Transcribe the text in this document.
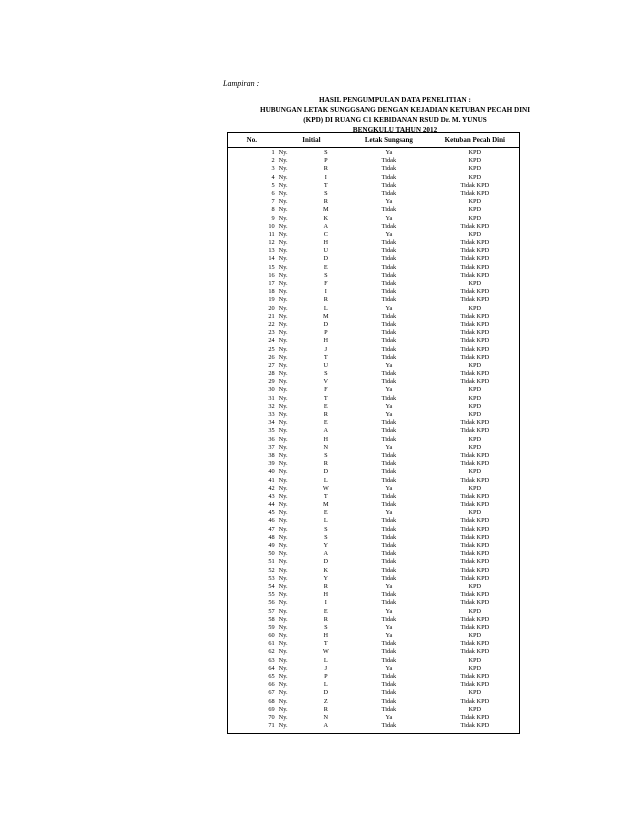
Lampiran :
HASIL PENGUMPULAN DATA PENELITIAN :
HUBUNGAN LETAK SUNGGSANG DENGAN KEJADIAN KETUBAN PECAH DINI
(KPD) DI RUANG C1 KEBIDANAN RSUD Dr. M. YUNUS
BENGKULU TAHUN 2012
No.	Initial	Letak Sungsang	Ketuban Pecah Dini
1 Ny.	S	Ya	KPD
2 Ny.	P	Tidak	KPD
3 Ny.	R	Tidak	KPD
4 Ny.	I	Tidak	KPD
5 Ny.	T	Tidak	Tidak KPD
6 Ny.	S	Tidak	Tidak KPD
7 Ny.	R	Ya	KPD
8 Ny.	M	Tidak	KPD
9 Ny.	K	Ya	KPD
10 Ny.	A	Tidak	Tidak KPD
11 Ny.	C	Ya	KPD
12 Ny.	H	Tidak	Tidak KPD
13 Ny.	U	Tidak	Tidak KPD
14 Ny.	D	Tidak	Tidak KPD
15 Ny.	E	Tidak	Tidak KPD
16 Ny.	S	Tidak	Tidak KPD
17 Ny.	F	Tidak	KPD
18 Ny.	I	Tidak	Tidak KPD
19 Ny.	R	Tidak	Tidak KPD
20 Ny.	L	Ya	KPD
21 Ny.	M	Tidak	Tidak KPD
22 Ny.	D	Tidak	Tidak KPD
23 Ny.	P	Tidak	Tidak KPD
24 Ny.	H	Tidak	Tidak KPD
25 Ny.	J	Tidak	Tidak KPD
26 Ny.	T	Tidak	Tidak KPD
27 Ny.	U	Ya	KPD
28 Ny.	S	Tidak	Tidak KPD
29 Ny.	V	Tidak	Tidak KPD
30 Ny.	F	Ya	KPD
31 Ny.	T	Tidak	KPD
32 Ny.	E	Ya	KPD
33 Ny.	R	Ya	KPD
34 Ny.	E	Tidak	Tidak KPD
35 Ny.	A	Tidak	Tidak KPD
36 Ny.	H	Tidak	KPD
37 Ny.	N	Ya	KPD
38 Ny.	S	Tidak	Tidak KPD
39 Ny.	R	Tidak	Tidak KPD
40 Ny.	D	Tidak	KPD
41 Ny.	L	Tidak	Tidak KPD
42 Ny.	W	Ya	KPD
43 Ny.	T	Tidak	Tidak KPD
44 Ny.	M	Tidak	Tidak KPD
45 Ny.	E	Ya	KPD
46 Ny.	L	Tidak	Tidak KPD
47 Ny.	S	Tidak	Tidak KPD
48 Ny.	S	Tidak	Tidak KPD
49 Ny.	Y	Tidak	Tidak KPD
50 Ny.	A	Tidak	Tidak KPD
51 Ny.	D	Tidak	Tidak KPD
52 Ny.	K	Tidak	Tidak KPD
53 Ny.	Y	Tidak	Tidak KPD
54 Ny.	R	Ya	KPD
55 Ny.	H	Tidak	Tidak KPD
56 Ny.	I	Tidak	Tidak KPD
57 Ny.	E	Ya	KPD
58 Ny.	R	Tidak	Tidak KPD
59 Ny.	S	Ya	Tidak KPD
60 Ny.	H	Ya	KPD
61 Ny.	T	Tidak	Tidak KPD
62 Ny.	W	Tidak	Tidak KPD
63 Ny.	L	Tidak	KPD
64 Ny.	J	Ya	KPD
65 Ny.	P	Tidak	Tidak KPD
66 Ny.	L	Tidak	Tidak KPD
67 Ny.	D	Tidak	KPD
68 Ny.	Z	Tidak	Tidak KPD
69 Ny.	R	Tidak	KPD
70 Ny.	N	Ya	Tidak KPD
71 Ny.	A	Tidak	Tidak KPD
